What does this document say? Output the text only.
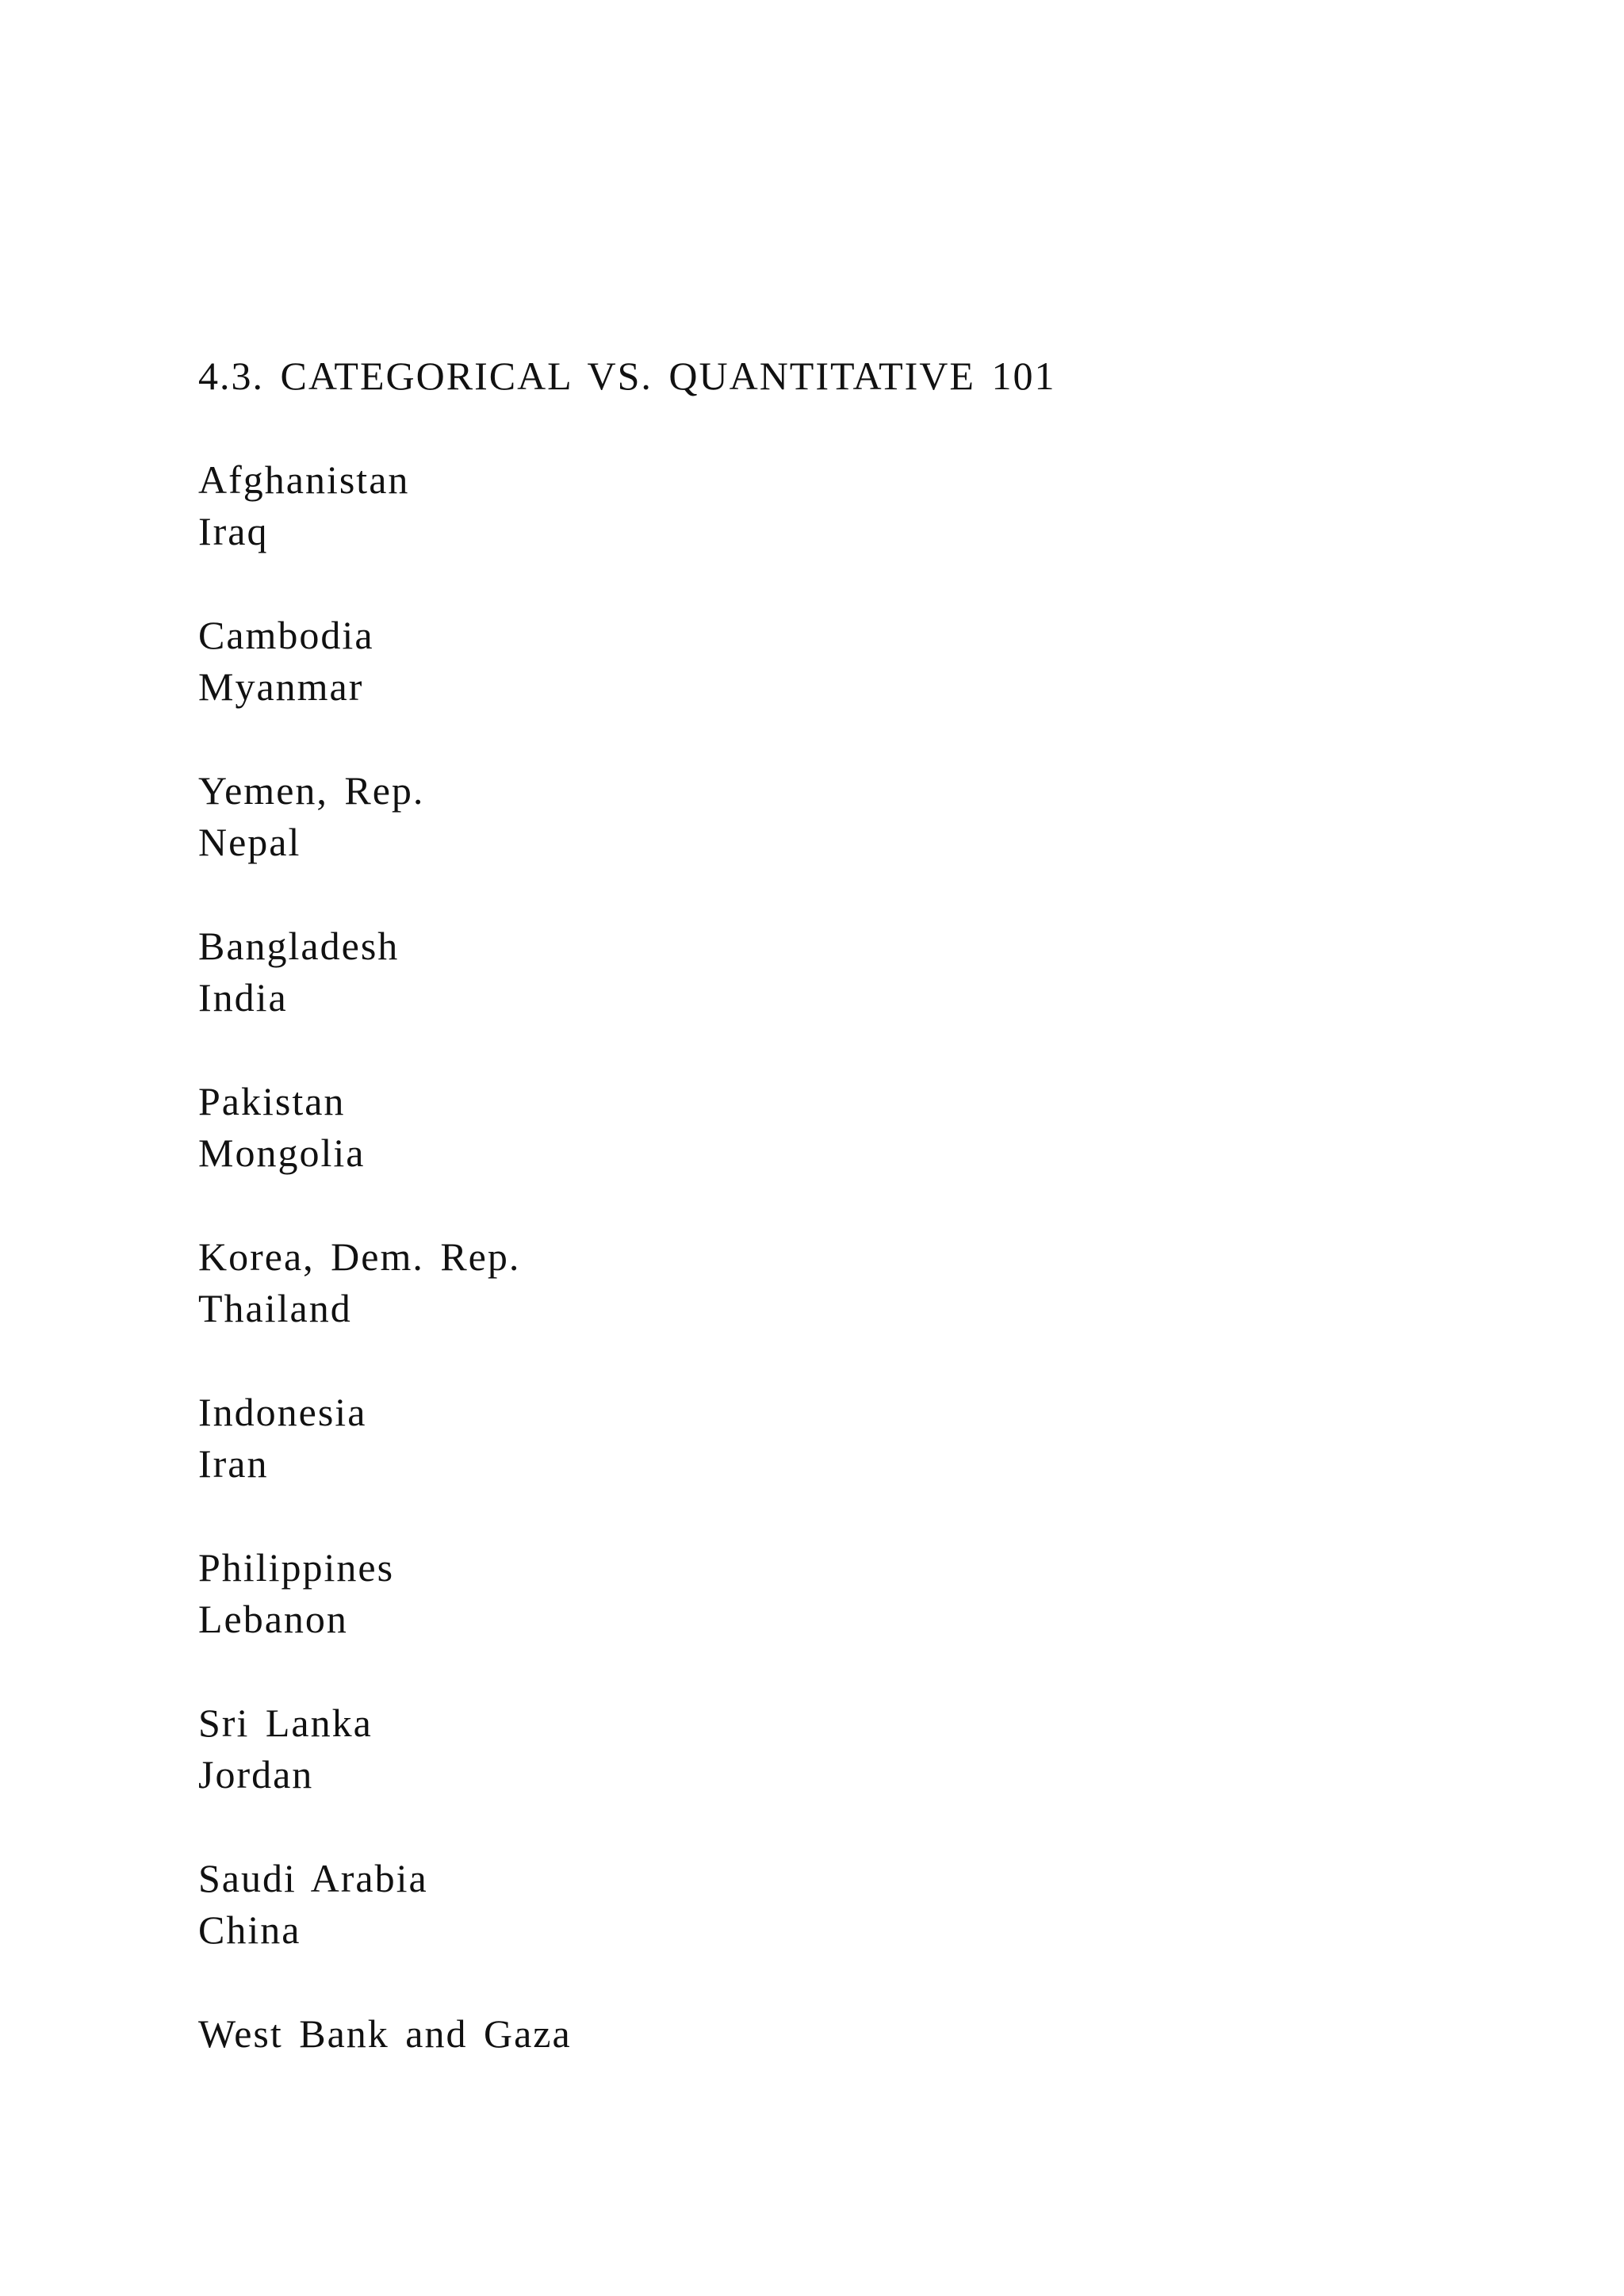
4.3. CATEGORICAL VS. QUANTITATIVE 101
Afghanistan
Iraq
Cambodia
Myanmar
Yemen, Rep.
Nepal
Bangladesh
India
Pakistan
Mongolia
Korea, Dem. Rep.
Thailand
Indonesia
Iran
Philippines
Lebanon
Sri Lanka
Jordan
Saudi Arabia
China
West Bank and Gaza
